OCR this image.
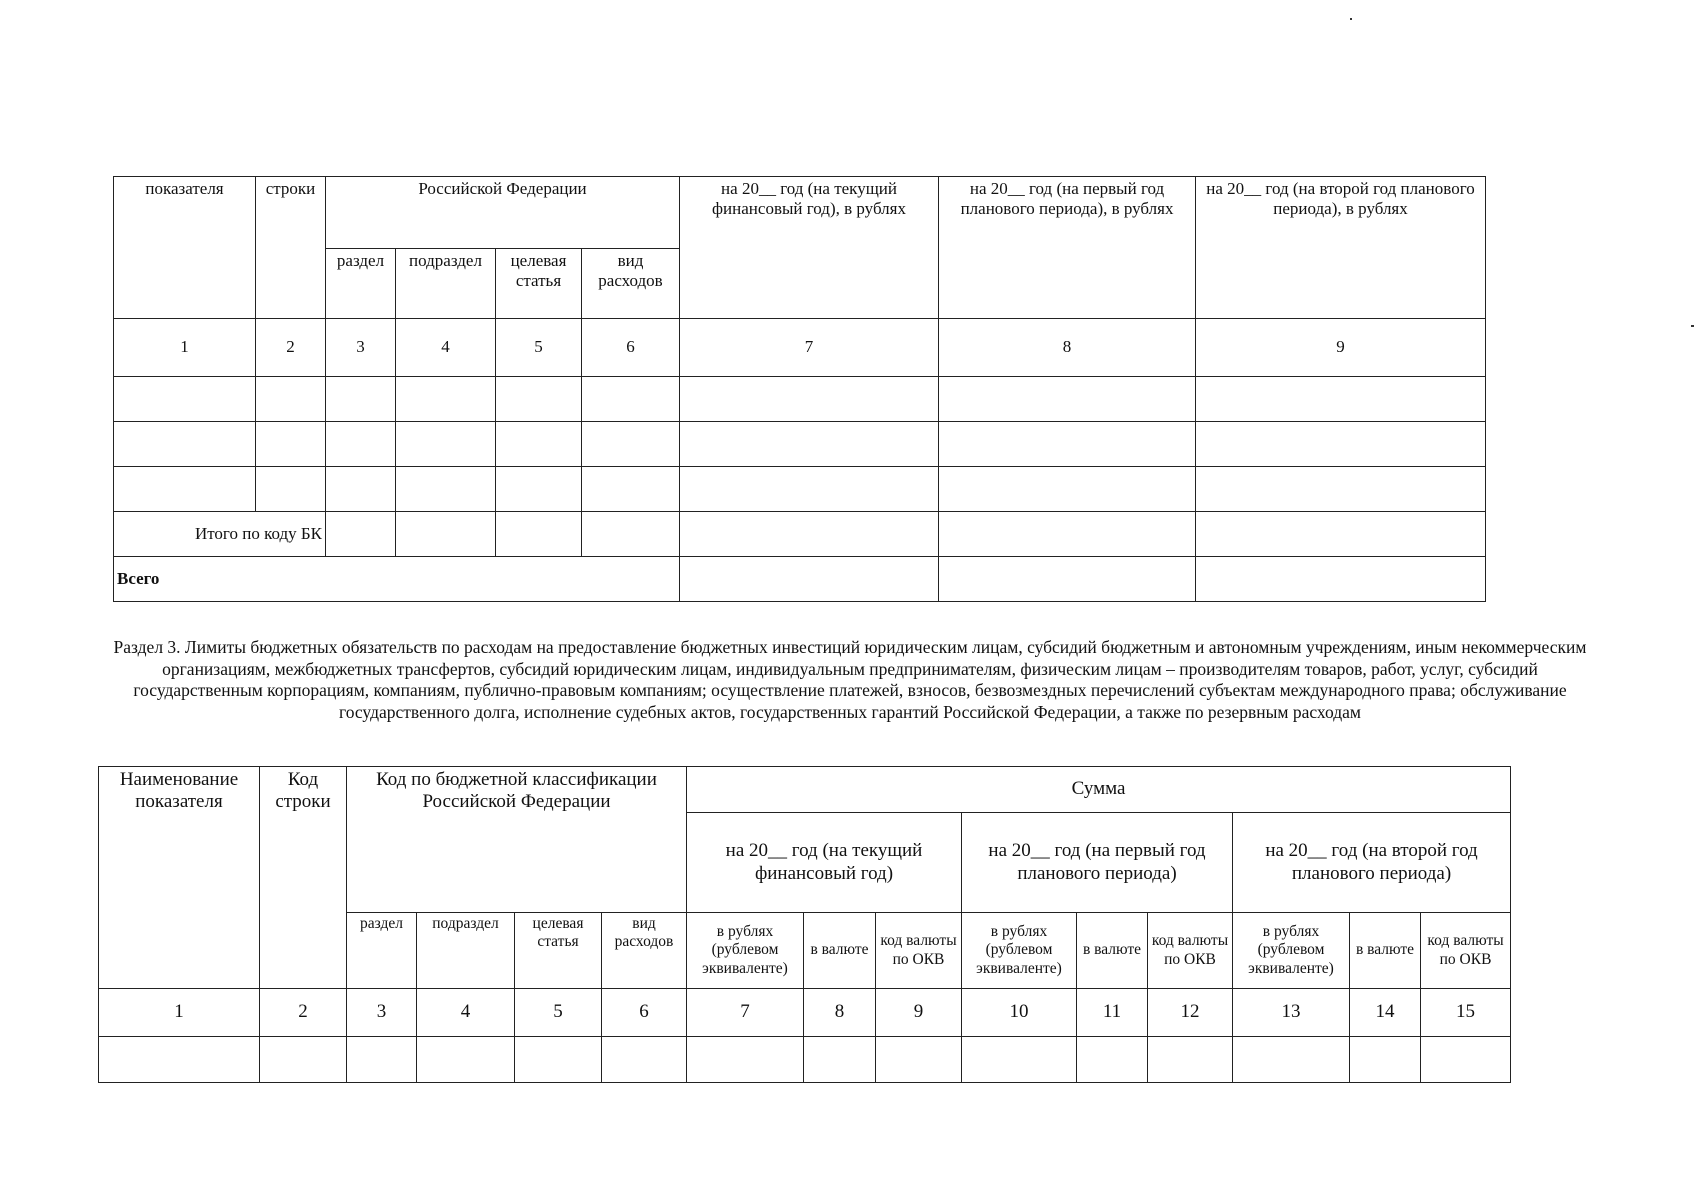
показателя	строки	Российской Федерации				на 20__ год (на текущий финансовый год), в рублях	на 20__ год (на первый год планового периода), в рублях	на 20__ год (на второй год планового периода), в рублях
		раздел	подраздел	целевая статья	вид расходов			
1	2	3	4	5	6	7	8	9

Итого по коду БК								
Всего								
Раздел 3. Лимиты бюджетных обязательств по расходам на предоставление бюджетных инвестиций юридическим лицам, субсидий бюджетным и автономным учреждениям, иным некоммерческим организациям, межбюджетных трансфертов, субсидий юридическим лицам, индивидуальным предпринимателям, физическим лицам – производителям товаров, работ, услуг, субсидий государственным корпорациям, компаниям, публично-правовым компаниям; осуществление платежей, взносов, безвозмездных перечислений субъектам международного права; обслуживание государственного долга, исполнение судебных актов, государственных гарантий Российской Федерации, а также по резервным расходам
Наименование показателя	Код строки	Код по бюджетной классификации Российской Федерации				Сумма								
						на 20__ год (на текущий финансовый год)			на 20__ год (на первый год планового периода)			на 20__ год (на второй год планового периода)		
		раздел	подраздел	целевая статья	вид расходов	в рублях (рублевом эквиваленте)	в валюте	код валюты по ОКВ	в рублях (рублевом эквиваленте)	в валюте	код валюты по ОКВ	в рублях (рублевом эквиваленте)	в валюте	код валюты по ОКВ
1	2	3	4	5	6	7	8	9	10	11	12	13	14	15
